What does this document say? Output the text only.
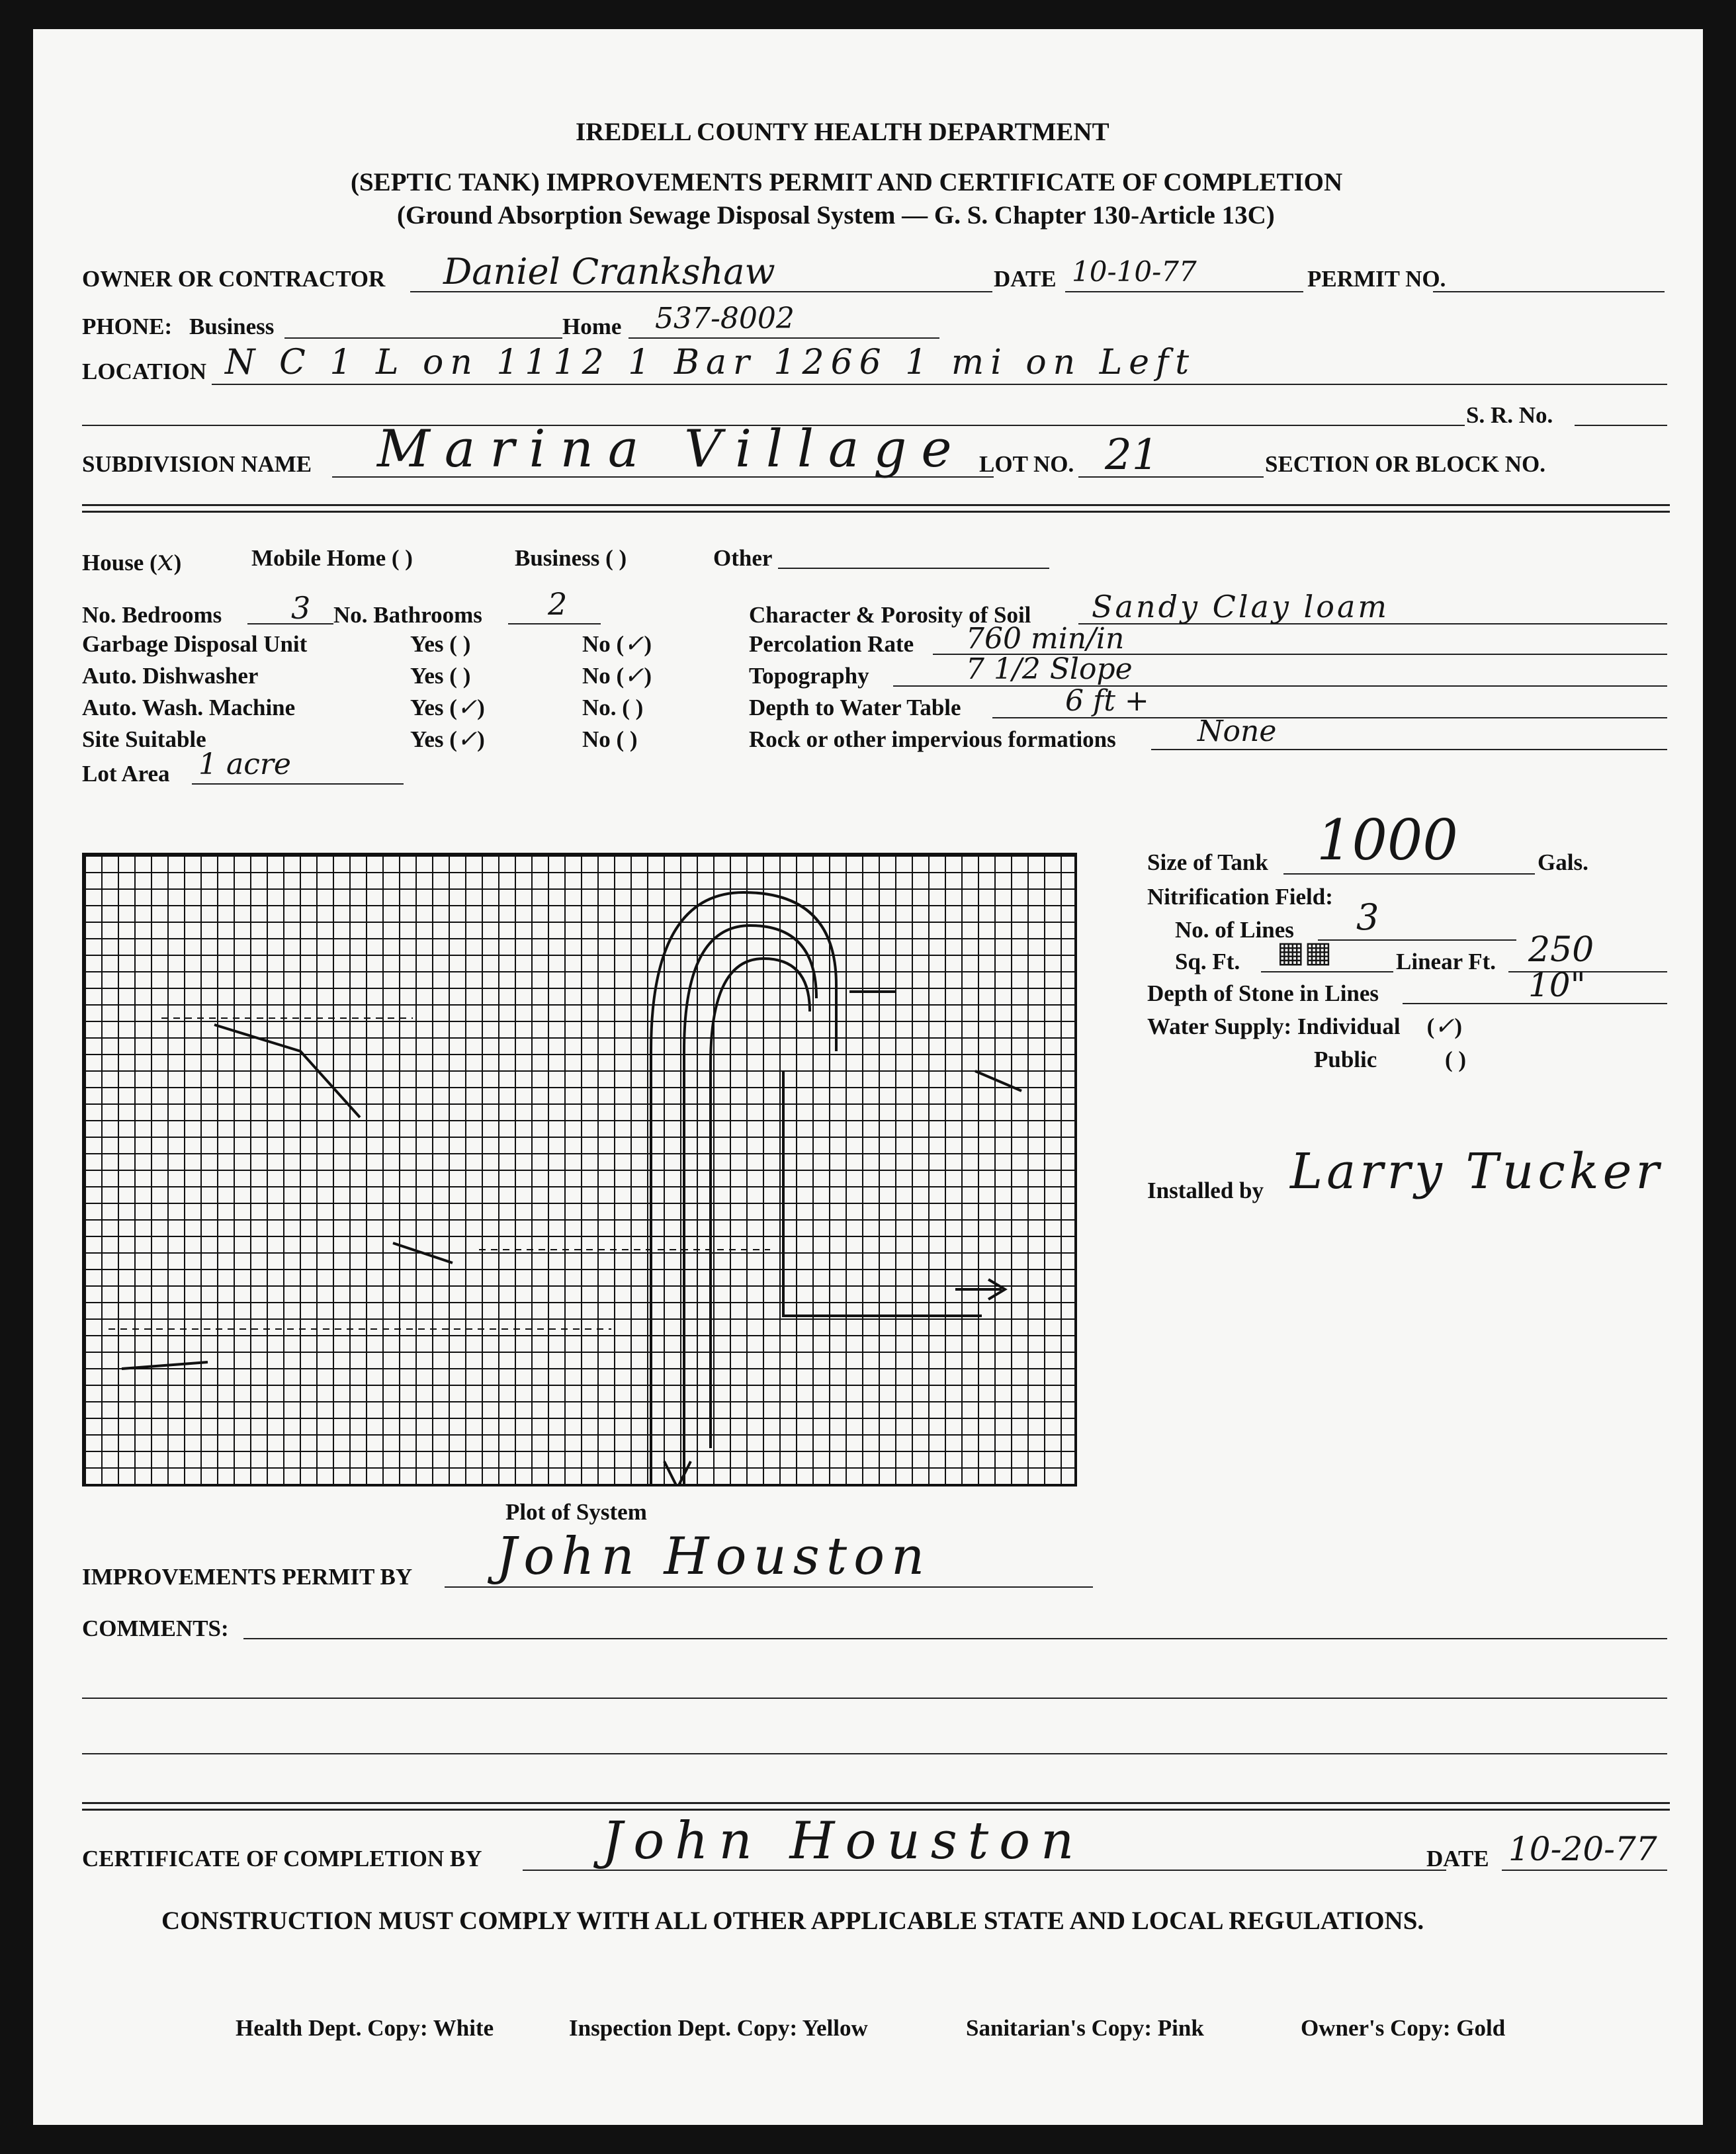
IREDELL COUNTY HEALTH DEPARTMENT
(SEPTIC TANK) IMPROVEMENTS PERMIT AND CERTIFICATE OF COMPLETION
(Ground Absorption Sewage Disposal System — G. S. Chapter 130-Article 13C)
OWNER OR CONTRACTOR Daniel Crankshaw	DATE 10-10-77	PERMIT NO.
PHONE: Business	Home 537-8002
LOCATION N C 1 L on 1112 1 Bar 1266 1 mi on Left
S. R. No.
SUBDIVISION NAME Marina Village LOT NO. 21	SECTION OR BLOCK NO.
House (x)	Mobile Home ( )	Business ( )	Other
No. Bedrooms 3 No. Bathrooms 2
Garbage Disposal Unit	Yes ( )	No (✓)
Auto. Dishwasher	Yes ( )	No (✓)
Auto. Wash. Machine	Yes (✓)	No. ( )
Site Suitable	Yes (✓)	No ( )
Lot Area 1 acre
Character & Porosity of Soil Sandy Clay loam
Percolation Rate 760 min/in
Topography	7 1/2 Slope
Depth to Water Table	6 ft +
Rock or other impervious formations	None
Size of Tank 1000	Gals.
Nitrification Field:
No. of Lines 3
Sq. Ft. ▦▦	Linear Ft. 250
Depth of Stone in Lines	10"
Water Supply: Individual (✓)
Public	( )
Installed by Larry Tucker
Plot of System
IMPROVEMENTS PERMIT BY John Houston
COMMENTS:
CERTIFICATE OF COMPLETION BY John Houston	DATE 10-20-77
CONSTRUCTION MUST COMPLY WITH ALL OTHER APPLICABLE STATE AND LOCAL REGULATIONS.
Health Dept. Copy: White	Inspection Dept. Copy: Yellow	Sanitarian's Copy: Pink	Owner's Copy: Gold
